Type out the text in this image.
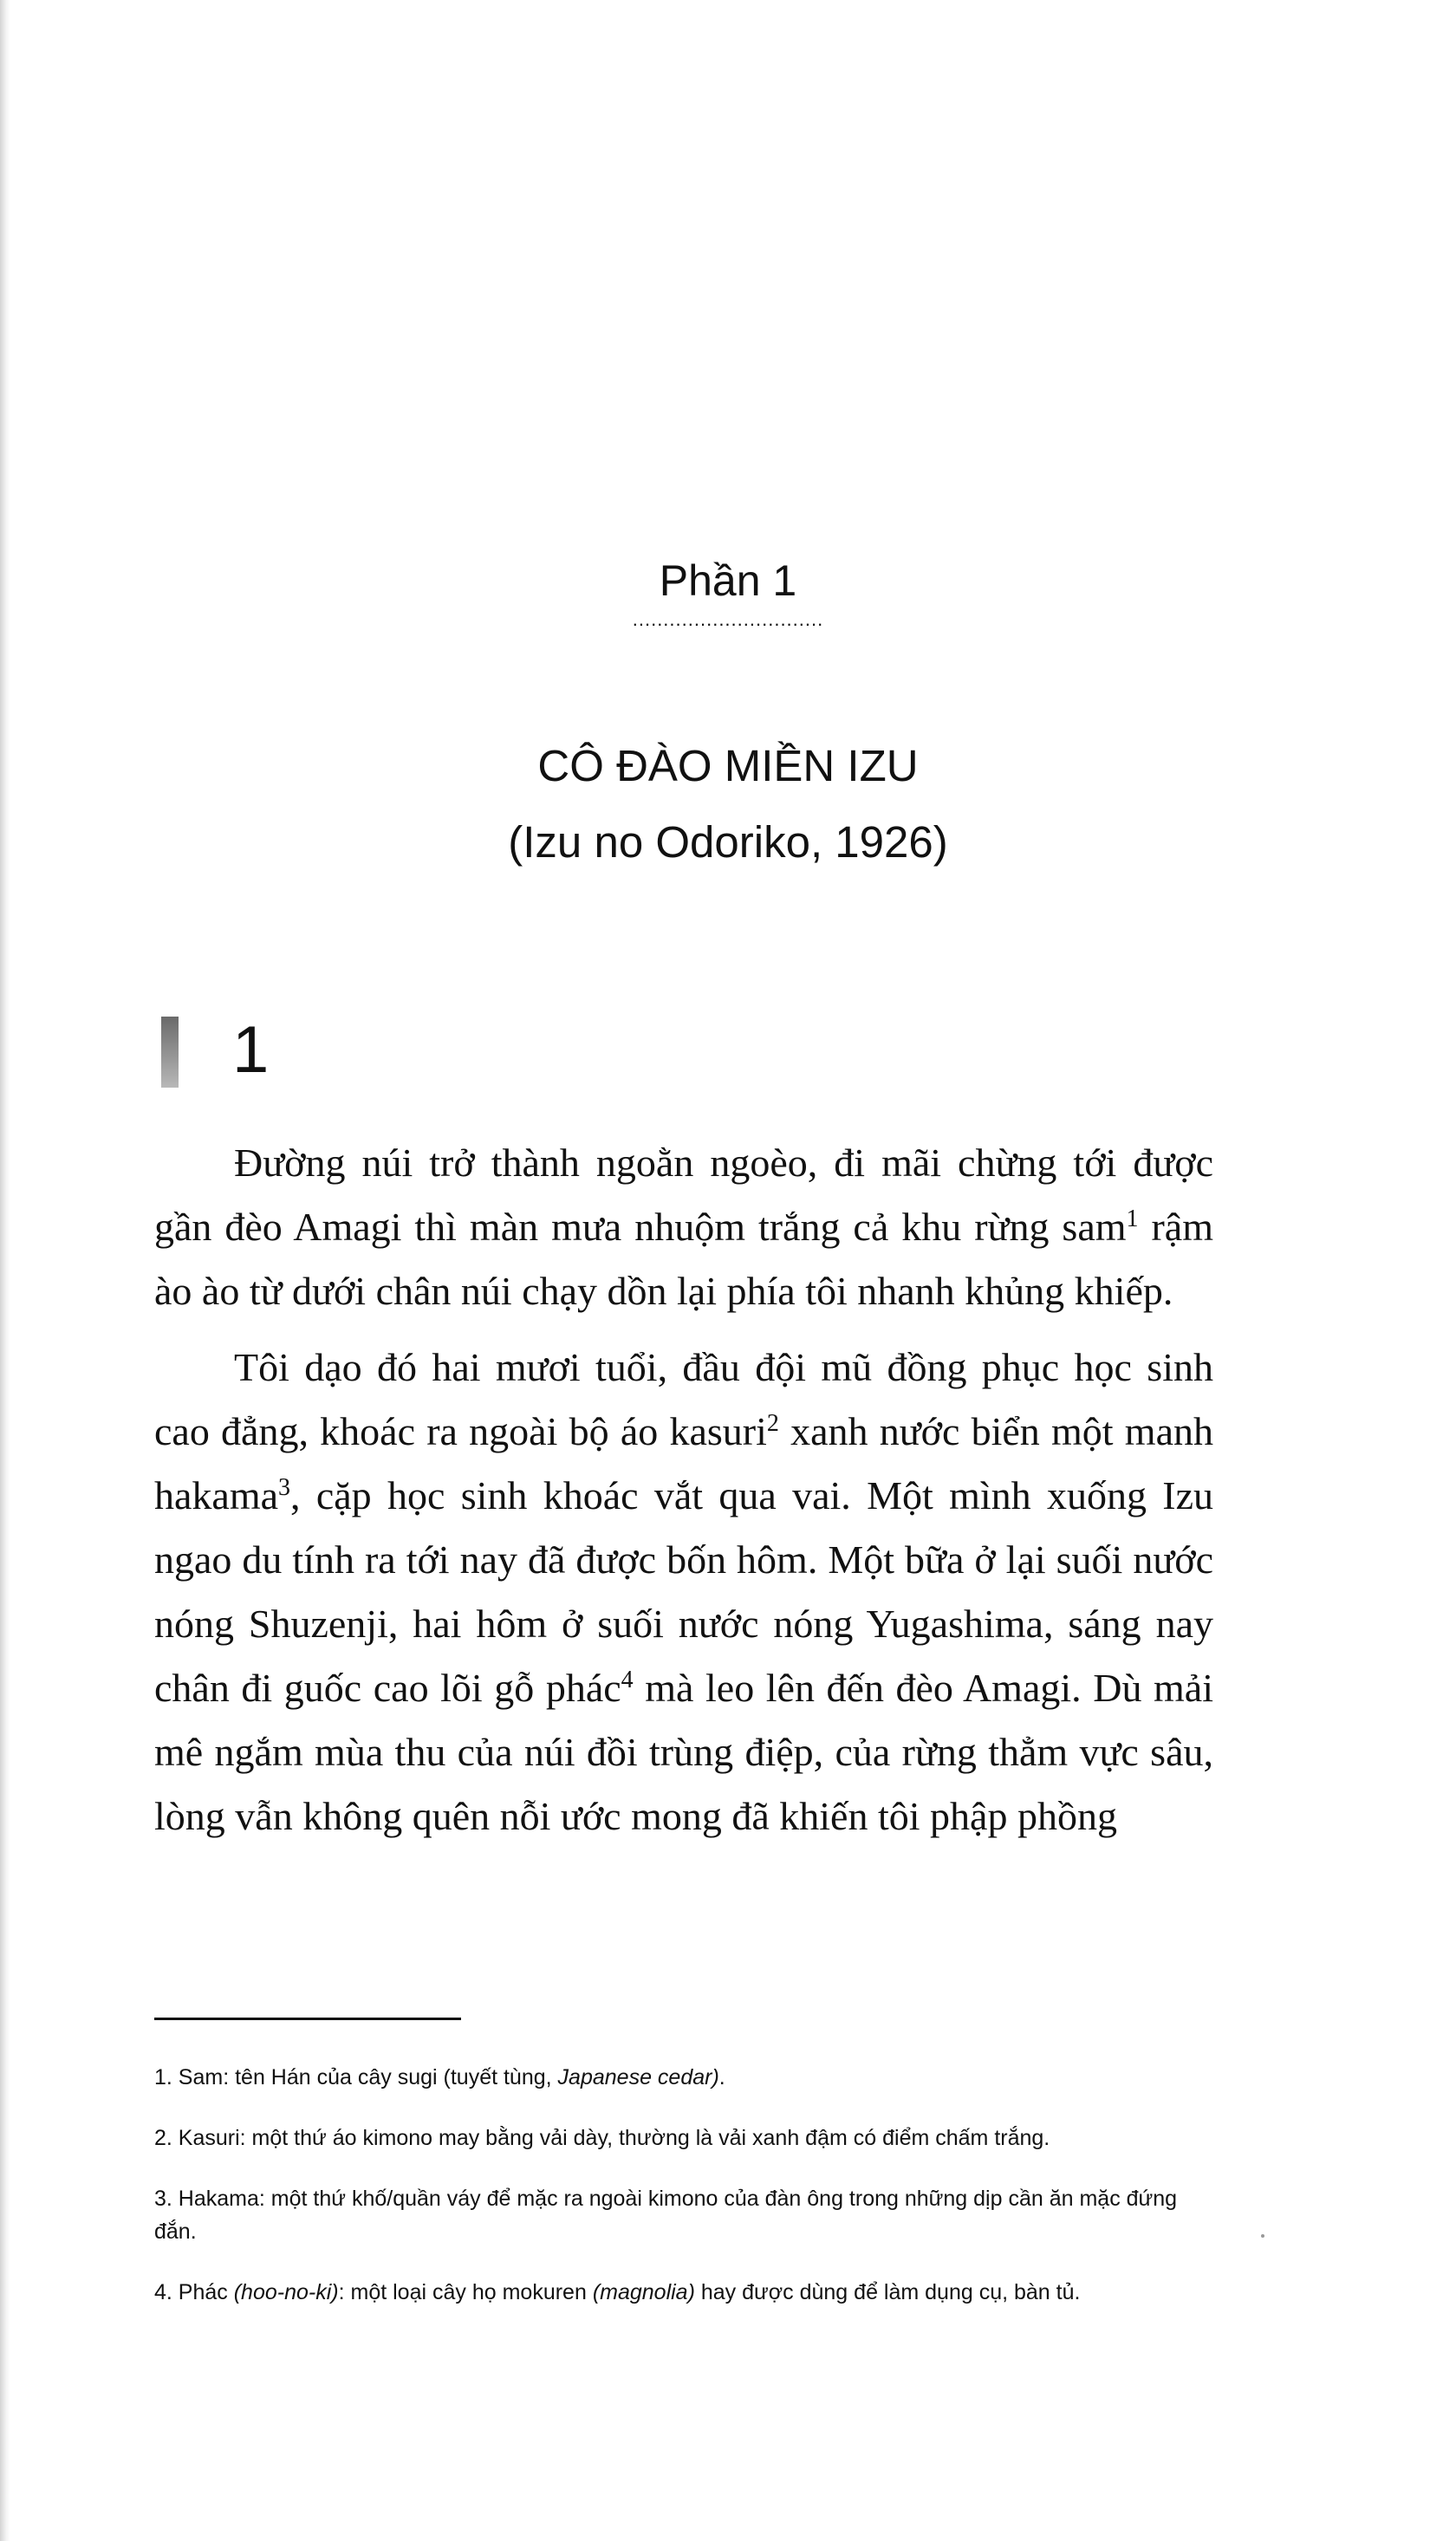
Phần 1
...............................
CÔ ĐÀO MIỀN IZU
(Izu no Odoriko, 1926)
1

Đường núi trở thành ngoằn ngoèo, đi mãi chừng tới được gần đèo Amagi thì màn mưa nhuộm trắng cả khu rừng sam$^1$ rậm ào ào từ dưới chân núi chạy dồn lại phía tôi nhanh khủng khiếp.

Tôi dạo đó hai mươi tuổi, đầu đội mũ đồng phục học sinh cao đẳng, khoác ra ngoài bộ áo kasuri$^2$ xanh nước biển một manh hakama$^3$, cặp học sinh khoác vắt qua vai. Một mình xuống Izu ngao du tính ra tới nay đã được bốn hôm. Một bữa ở lại suối nước nóng Shuzenji, hai hôm ở suối nước nóng Yugashima, sáng nay chân đi guốc cao lõi gỗ phác$^4$ mà leo lên đến đèo Amagi. Dù mải mê ngắm mùa thu của núi đồi trùng điệp, của rừng thẳm vực sâu, lòng vẫn không quên nỗi ước mong đã khiến tôi phập phồng

1. Sam: tên Hán của cây sugi (tuyết tùng, Japanese cedar).

2. Kasuri: một thứ áo kimono may bằng vải dày, thường là vải xanh đậm có điểm chấm trắng.

3. Hakama: một thứ khố/quần váy để mặc ra ngoài kimono của đàn ông trong những dịp cần ăn mặc đứng đắn.

4. Phác (hoo-no-ki): một loại cây họ mokuren (magnolia) hay được dùng để làm dụng cụ, bàn tủ.
